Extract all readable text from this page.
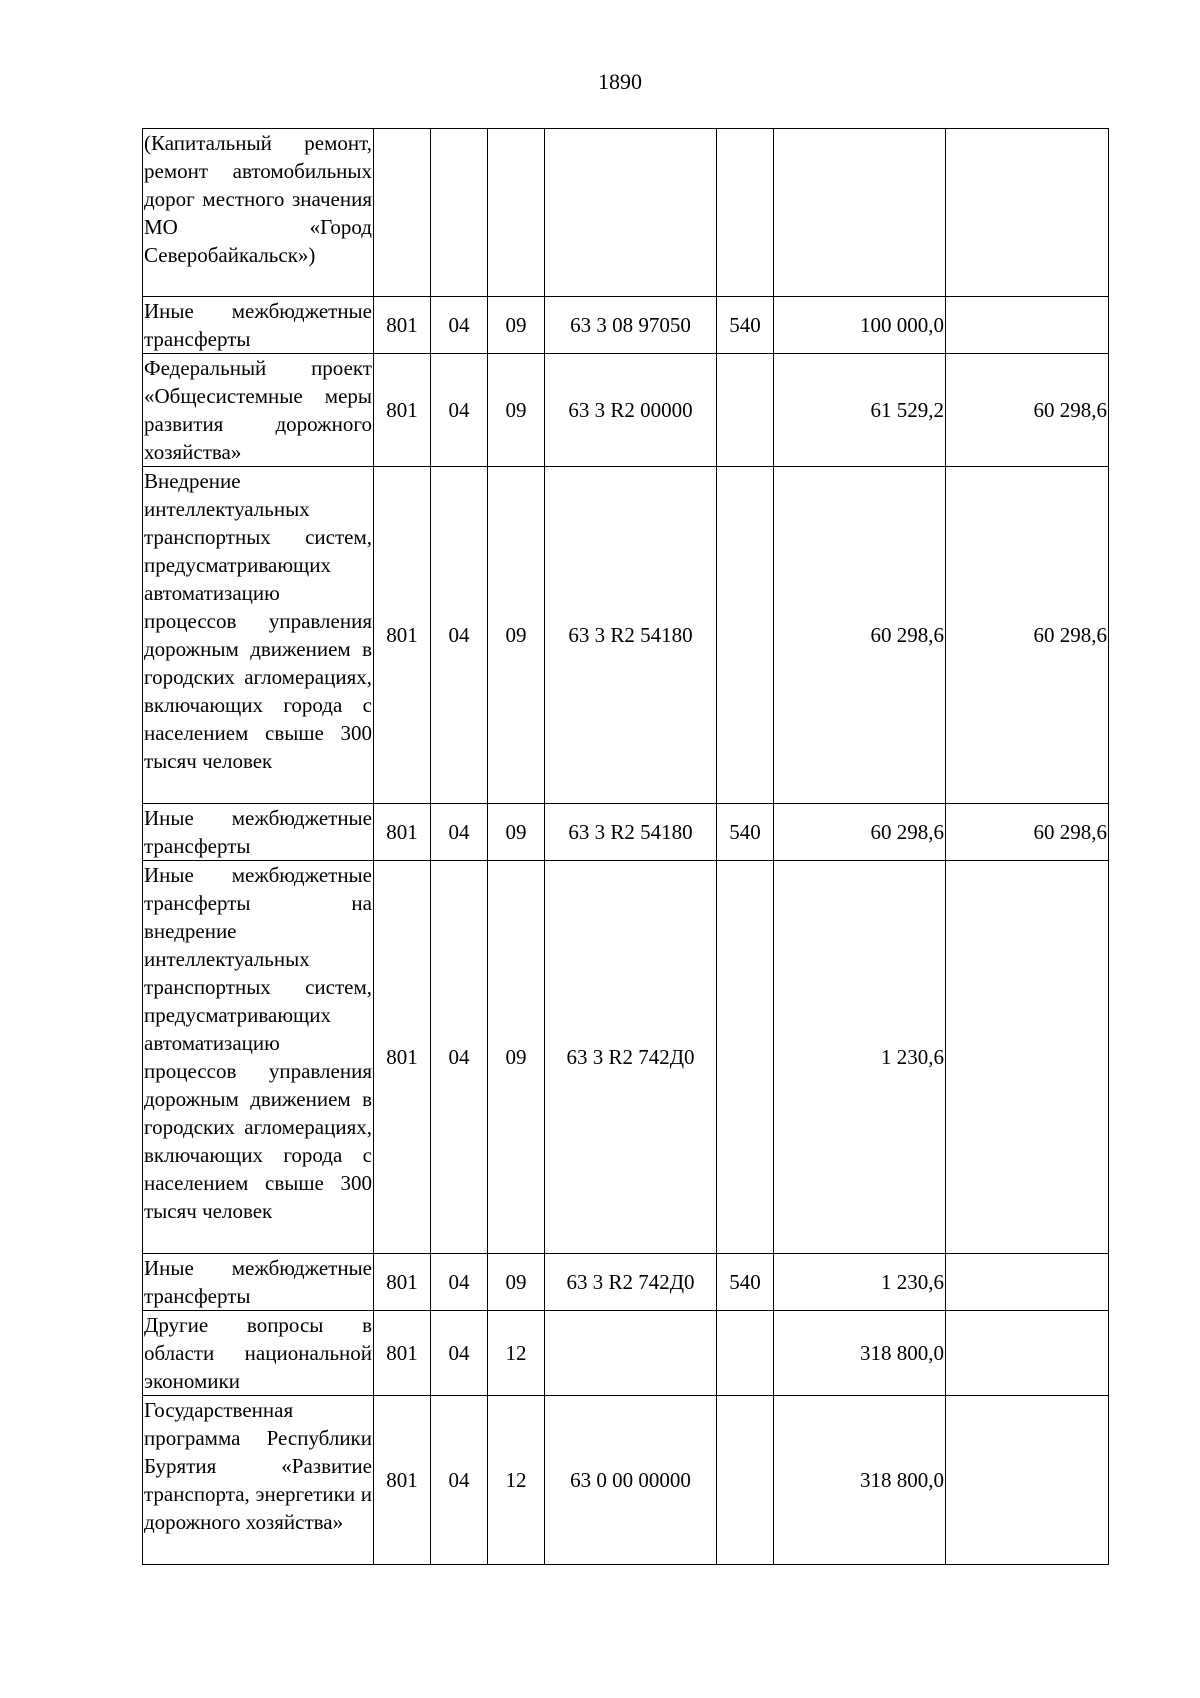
1890
(Капитальный ремонт, ремонт автомобильных дорог местного значения МО «Город Северобайкальск»)							
Иные межбюджетные трансферты	801	04	09	63 3 08 97050	540	100 000,0	
Федеральный проект «Общесистемные меры развития дорожного хозяйства»	801	04	09	63 3 R2 00000		61 529,2	60 298,6
Внедрение интеллектуальных транспортных систем, предусматривающих автоматизацию процессов управления дорожным движением в городских агломерациях, включающих города с населением свыше 300 тысяч человек	801	04	09	63 3 R2 54180		60 298,6	60 298,6
Иные межбюджетные трансферты	801	04	09	63 3 R2 54180	540	60 298,6	60 298,6
Иные межбюджетные трансферты на внедрение интеллектуальных транспортных систем, предусматривающих автоматизацию процессов управления дорожным движением в городских агломерациях, включающих города с населением свыше 300 тысяч человек	801	04	09	63 3 R2 742Д0		1 230,6	
Иные межбюджетные трансферты	801	04	09	63 3 R2 742Д0	540	1 230,6	
Другие вопросы в области национальной экономики	801	04	12			318 800,0	
Государственная программа Республики Бурятия «Развитие транспорта, энергетики и дорожного хозяйства»	801	04	12	63 0 00 00000		318 800,0	
